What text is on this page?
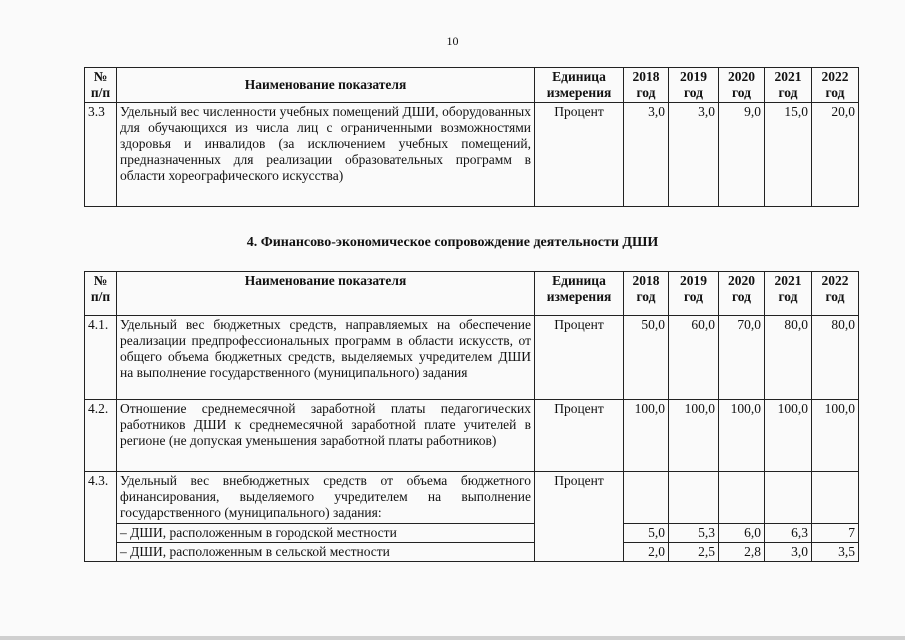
10
№ п/п	Наименование показателя	Единица измерения	2018 год	2019 год	2020 год	2021 год	2022 год
3.3	Удельный вес численности учебных помещений ДШИ, оборудованных для обучающихся из числа лиц с ограниченными возможностями здоровья и инвалидов (за исключением учебных помещений, предназначенных для реализации образовательных программ в области хореографического искусства)	Процент	3,0	3,0	9,0	15,0	20,0
4. Финансово-экономическое сопровождение деятельности ДШИ
№ п/п	Наименование показателя	Единица измерения	2018 год	2019 год	2020 год	2021 год	2022 год
4.1.	Удельный вес бюджетных средств, направляемых на обеспечение реализации предпрофессиональных программ в области искусств, от общего объема бюджетных средств, выделяемых учредителем ДШИ на выполнение государственного (муниципального) задания	Процент	50,0	60,0	70,0	80,0	80,0
4.2.	Отношение среднемесячной заработной платы педагогических работников ДШИ к среднемесячной заработной плате учителей в регионе (не допуская уменьшения заработной платы работников)	Процент	100,0	100,0	100,0	100,0	100,0
4.3.	Удельный вес внебюджетных средств от объема бюджетного финансирования, выделяемого учредителем на выполнение государственного (муниципального) задания:	Процент					
	– ДШИ, расположенным в городской местности		5,0	5,3	6,0	6,3	7
	– ДШИ, расположенным в сельской местности		2,0	2,5	2,8	3,0	3,5
